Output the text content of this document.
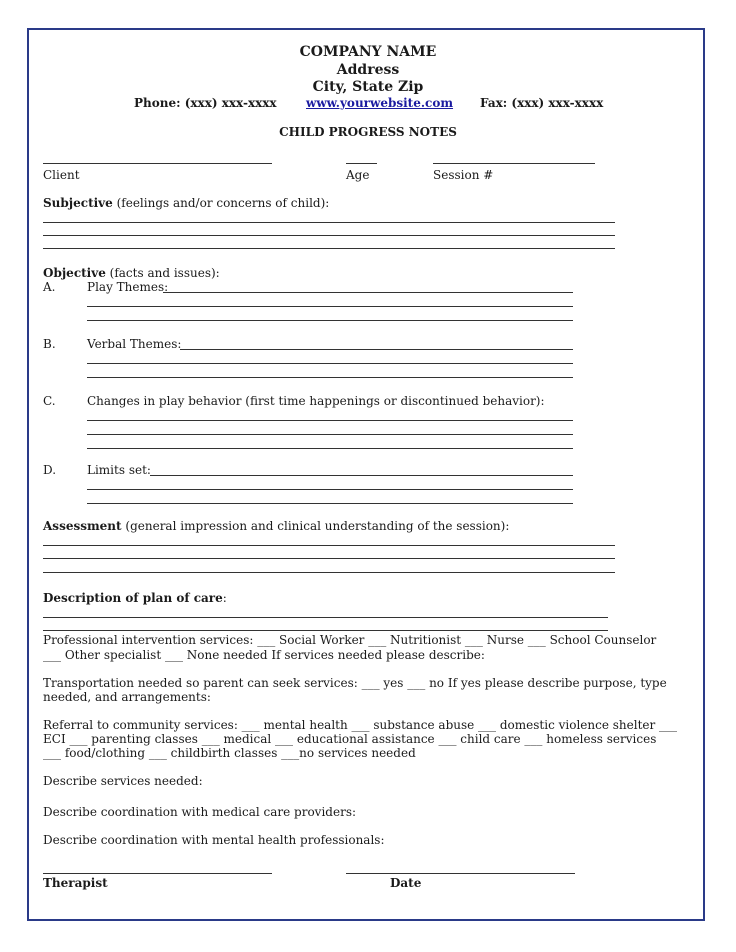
COMPANY NAME
Address
City, State Zip
Phone: (xxx) xxx-xxxx www.yourwebsite.com Fax: (xxx) xxx-xxxx
CHILD PROGRESS NOTES
Client	Age	Session #
Subjective (feelings and/or concerns of child):
Objective (facts and issues):
A.	Play Themes:
B.	Verbal Themes:
C.	Changes in play behavior (first time happenings or discontinued behavior):
D.	Limits set:
Assessment (general impression and clinical understanding of the session):
Description of plan of care:
Professional intervention services: ___ Social Worker ___ Nutritionist ___ Nurse ___ School Counselor
___ Other specialist ___ None needed If services needed please describe:
Transportation needed so parent can seek services: ___ yes ___ no If yes please describe purpose, type
needed, and arrangements:
Referral to community services: ___ mental health ___ substance abuse ___ domestic violence shelter ___
ECI ___ parenting classes ___ medical ___ educational assistance ___ child care ___ homeless services
___ food/clothing ___ childbirth classes ___no services needed
Describe services needed:
Describe coordination with medical care providers:
Describe coordination with mental health professionals:
Therapist	Date
